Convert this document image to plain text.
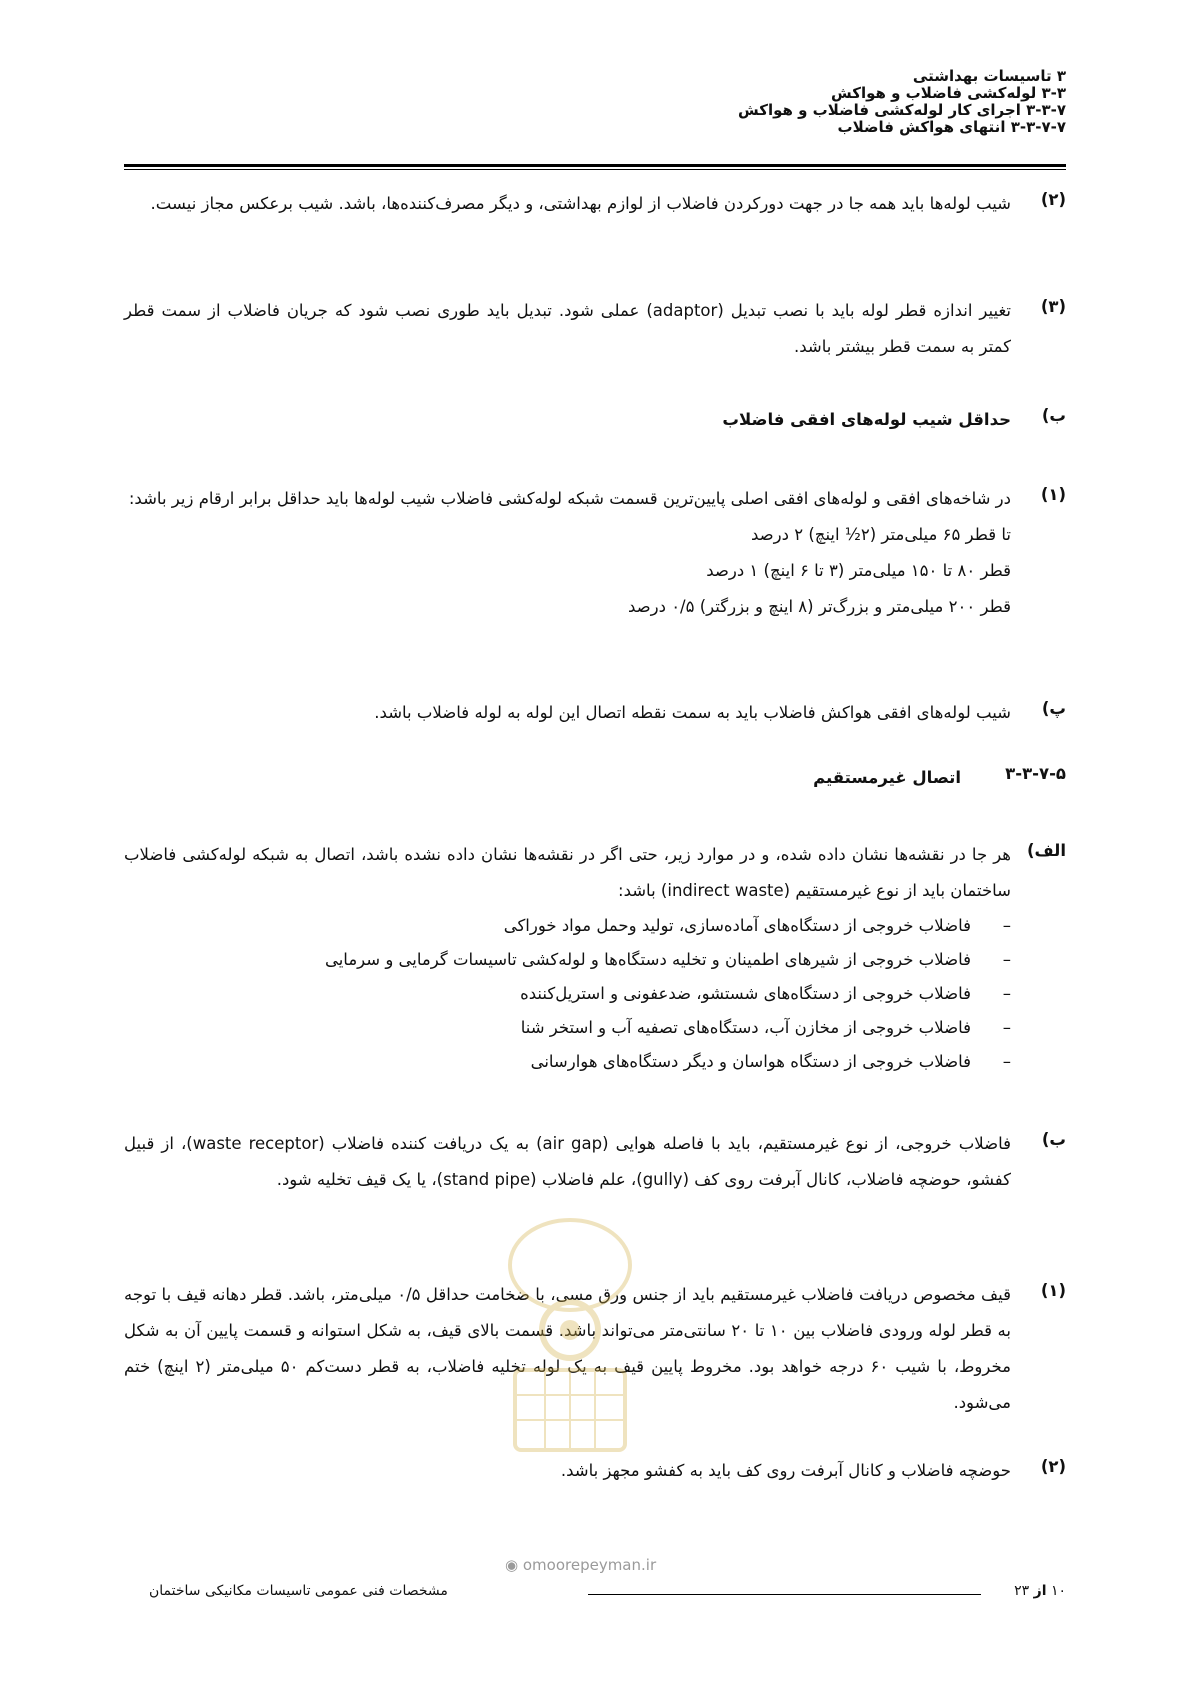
۳ تاسیسات بهداشتی
۳-۳ لوله‌کشی فاضلاب و هواکش
۳-۳-۷ اجرای کار لوله‌کشی فاضلاب و هواکش
۳-۳-۷-۷ انتهای هواکش فاضلاب
(۲)
شیب لوله‌ها باید همه جا در جهت دورکردن فاضلاب از لوازم بهداشتی، و دیگر مصرف‌کننده‌ها، باشد. شیب برعکس مجاز نیست.
(۳)
تغییر اندازه قطر لوله باید با نصب تبدیل (adaptor) عملی شود. تبدیل باید طوری نصب شود که جریان فاضلاب از سمت قطر کمتر به سمت قطر بیشتر باشد.
ب)
حداقل شیب لوله‌های افقی فاضلاب
(۱)
در شاخه‌های افقی و لوله‌های افقی اصلی پایین‌ترین قسمت شبکه لوله‌کشی فاضلاب شیب لوله‌ها باید حداقل برابر ارقام زیر باشد:
تا قطر ۶۵ میلی‌متر (۲½ اینچ) ۲ درصد
قطر ۸۰ تا ۱۵۰ میلی‌متر (۳ تا ۶ اینچ) ۱ درصد
قطر ۲۰۰ میلی‌متر و بزرگ‌تر (۸ اینچ و بزرگتر) ۰/۵ درصد
پ)
شیب لوله‌های افقی هواکش فاضلاب باید به سمت نقطه اتصال این لوله به لوله فاضلاب باشد.
۳-۳-۷-۵
اتصال غیرمستقیم
الف)
هر جا در نقشه‌ها نشان داده شده، و در موارد زیر، حتی اگر در نقشه‌ها نشان داده نشده باشد، اتصال به شبکه لوله‌کشی فاضلاب ساختمان باید از نوع غیرمستقیم (indirect waste) باشد:
–
فاضلاب خروجی از دستگاه‌های آماده‌سازی، تولید وحمل مواد خوراکی
–
فاضلاب خروجی از شیرهای اطمینان و تخلیه دستگاه‌ها و لوله‌کشی تاسیسات گرمایی و سرمایی
–
فاضلاب خروجی از دستگاه‌های شستشو، ضدعفونی و استریل‌کننده
–
فاضلاب خروجی از مخازن آب، دستگاه‌های تصفیه آب و استخر شنا
–
فاضلاب خروجی از دستگاه هواسان و دیگر دستگاه‌های هوارسانی
ب)
فاضلاب خروجی، از نوع غیرمستقیم، باید با فاصله هوایی (air gap) به یک دریافت کننده فاضلاب (waste receptor)، از قبیل کفشو، حوضچه فاضلاب، کانال آبرفت روی کف (gully)، علم فاضلاب (stand pipe)، یا یک قیف تخلیه شود.
(۱)
قیف مخصوص دریافت فاضلاب غیرمستقیم باید از جنس ورق مسی، با ضخامت حداقل ۰/۵ میلی‌متر، باشد. قطر دهانه قیف با توجه به قطر لوله ورودی فاضلاب بین ۱۰ تا ۲۰ سانتی‌متر می‌تواند باشد. قسمت بالای قیف، به شکل استوانه و قسمت پایین آن به شکل مخروط، با شیب ۶۰ درجه خواهد بود. مخروط پایین قیف به یک لوله تخلیه فاضلاب، به قطر دست‌کم ۵۰ میلی‌متر (۲ اینچ) ختم می‌شود.
(۲)
حوضچه فاضلاب و کانال آبرفت روی کف باید به کفشو مجهز باشد.
◉ omoorepeyman.ir
۱۰ از ۲۳
مشخصات فنی عمومی تاسیسات مکانیکی ساختمان
